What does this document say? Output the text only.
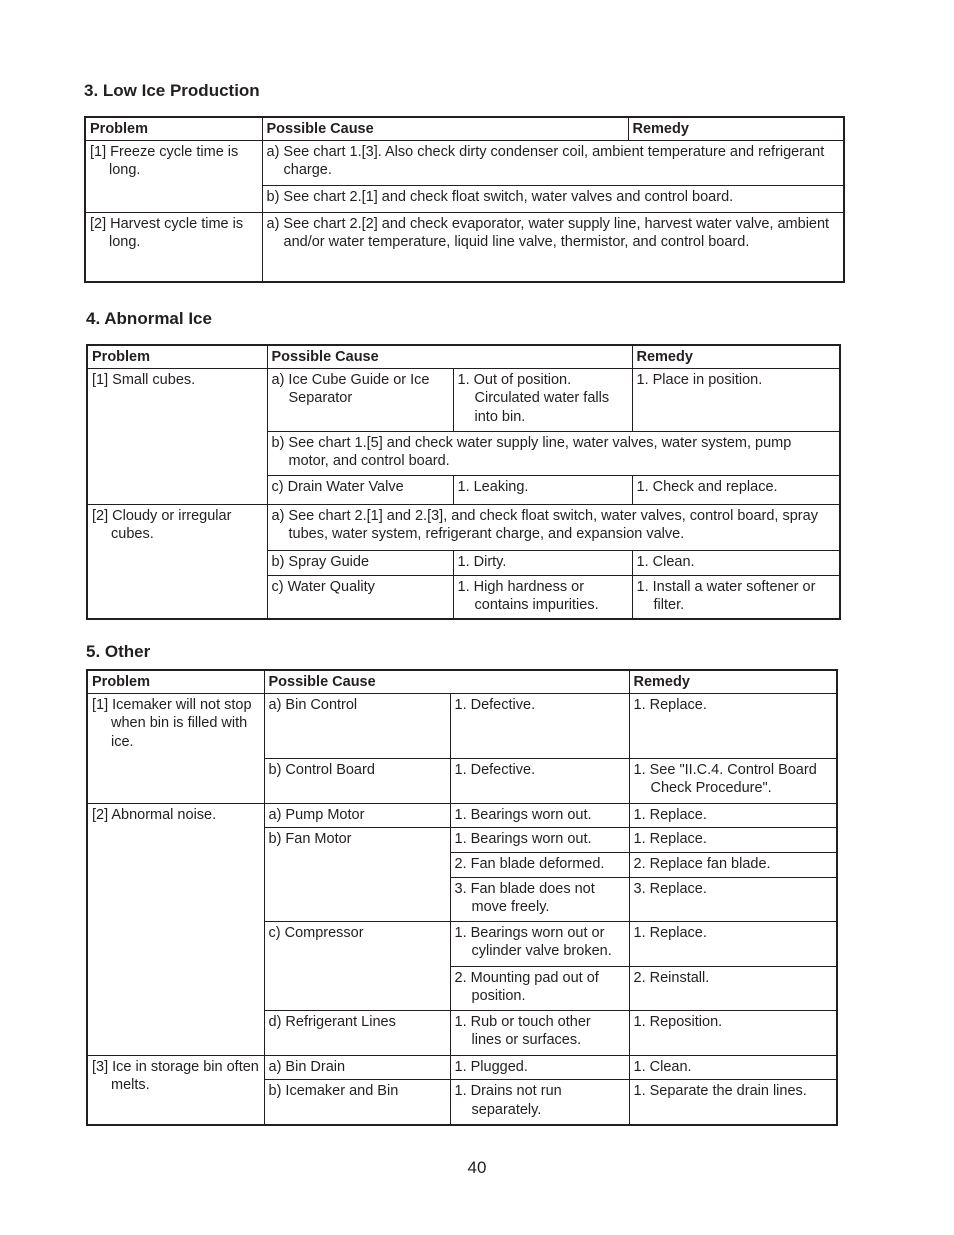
3. Low Ice Production
Problem	Possible Cause	Remedy

[1] Freeze cycle time is long.	a) See chart 1.[3]. Also check dirty condenser coil, ambient temperature and refrigerant charge.	

	b) See chart 2.[1] and check float switch, water valves and control board.	

[2] Harvest cycle time is long.	a) See chart 2.[2] and check evaporator, water supply line, harvest water valve, ambient and/or water temperature, liquid line valve, thermistor, and control board.	
4. Abnormal Ice
Problem	Possible Cause		Remedy

[1] Small cubes.	a) Ice Cube Guide or Ice Separator	1. Out of position. Circulated water falls into bin.	1. Place in position.

	b) See chart 1.[5] and check water supply line, water valves, water system, pump motor, and control board.		

	c) Drain Water Valve	1. Leaking.	1. Check and replace.

[2] Cloudy or irregular cubes.	a) See chart 2.[1] and 2.[3], and check float switch, water valves, control board, spray tubes, water system, refrigerant charge, and expansion valve.		

	b) Spray Guide	1. Dirty.	1. Clean.

	c) Water Quality	1. High hardness or contains impurities.	1. Install a water softener or filter.
5. Other
Problem	Possible Cause		Remedy

[1] Icemaker will not stop when bin is filled with ice.	a) Bin Control	1. Defective.	1. Replace.

	b) Control Board	1. Defective.	1. See "II.C.4. Control Board Check Procedure".

[2] Abnormal noise.	a) Pump Motor	1. Bearings worn out.	1. Replace.

	b) Fan Motor	1. Bearings worn out.	1. Replace.

		2. Fan blade deformed.	2. Replace fan blade.

		3. Fan blade does not move freely.	3. Replace.

	c) Compressor	1. Bearings worn out or cylinder valve broken.	1. Replace.

		2. Mounting pad out of position.	2. Reinstall.

	d) Refrigerant Lines	1. Rub or touch other lines or surfaces.	1. Reposition.

[3] Ice in storage bin often melts.	a) Bin Drain	1. Plugged.	1. Clean.

	b) Icemaker and Bin	1. Drains not run separately.	1. Separate the drain lines.

40
